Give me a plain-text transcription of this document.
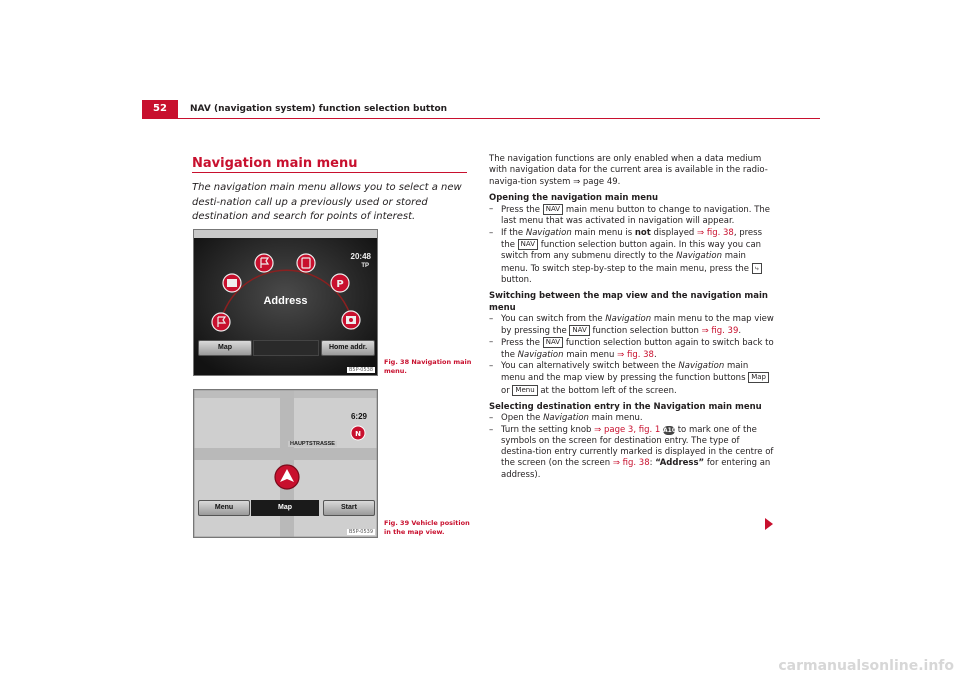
52	NAV (navigation system) function selection button
Navigation main menu
The navigation main menu allows you to select a new desti-nation call up a previously used or stored destination and search for points of interest.
P
20:48
TP
Address
Map	Home addr.
B5P-0538
Fig. 38 Navigation main menu.
N
6:29
HAUPTSTRASSE
Menu	Map	Start
B5P-0539
Fig. 39 Vehicle position in the map view.

The navigation functions are only enabled when a data medium with navigation data for the current area is available in the radio-naviga-tion system ⇒ page 49.

Opening the navigation main menu

– Press the NAV main menu button to change to navigation. The last menu that was activated in navigation will appear.

– If the Navigation main menu is not displayed ⇒ fig. 38, press the NAV function selection button again. In this way you can switch from any submenu directly to the Navigation main menu. To switch step-by-step to the main menu, press the ⤷ button.

Switching between the map view and the navigation main menu

– You can switch from the Navigation main menu to the map view by pressing the NAV function selection button ⇒ fig. 39.

– Press the NAV function selection button again to switch back to the Navigation main menu ⇒ fig. 38.

– You can alternatively switch between the Navigation main menu and the map view by pressing the function buttons Map or Menu at the bottom left of the screen.

Selecting destination entry in the Navigation main menu

– Open the Navigation main menu.

– Turn the setting knob ⇒ page 3, fig. 1 A10 to mark one of the symbols on the screen for destination entry. The type of destina-tion entry currently marked is displayed in the centre of the screen (on the screen ⇒ fig. 38: “Address” for entering an address).

carmanualsonline.info
